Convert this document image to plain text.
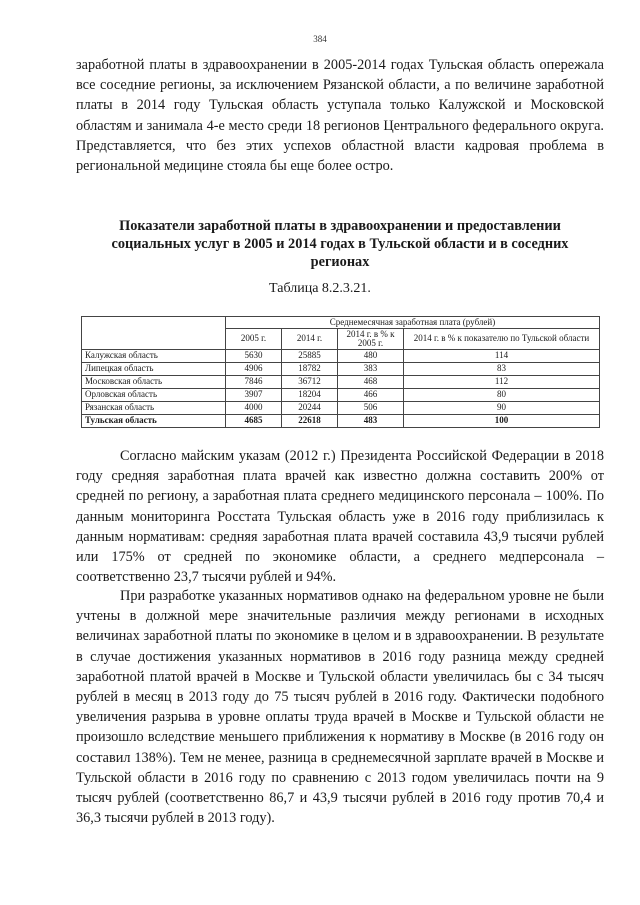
384

заработной платы в здравоохранении в 2005-2014 годах Тульская область опережала все соседние регионы, за исключением Рязанской области, а по величине заработной платы в 2014 году Тульская область уступала только Калужской и Московской областям и занимала 4-е место среди 18 регионов Центрального федерального округа. Представляется, что без этих успехов областной власти кадровая проблема в региональной медицине стояла бы еще более остро.

Показатели заработной платы в здравоохранении и предоставлении социальных услуг в 2005 и 2014 годах в Тульской области и в соседних регионах
Таблица 8.2.3.21.
	Среднемесячная заработная плата (рублей)			
	2005 г.	2014 г.	2014 г. в % к 2005 г.	2014 г. в % к показателю по Тульской области
Калужская область	5630	25885	480	114
Липецкая область	4906	18782	383	83
Московская область	7846	36712	468	112
Орловская область	3907	18204	466	80
Рязанская область	4000	20244	506	90
Тульская область	4685	22618	483	100

Согласно майским указам (2012 г.) Президента Российской Федерации в 2018 году средняя заработная плата врачей как известно должна составить 200% от средней по региону, а заработная плата среднего медицинского персонала – 100%. По данным мониторинга Росстата Тульская область уже в 2016 году приблизилась к данным нормативам: средняя заработная плата врачей составила 43,9 тысячи рублей или 175% от средней по экономике области, а среднего медперсонала – соответственно 23,7 тысячи рублей и 94%.

При разработке указанных нормативов однако на федеральном уровне не были учтены в должной мере значительные различия между регионами в исходных величинах заработной платы по экономике в целом и в здравоохранении. В результате в случае достижения указанных нормативов в 2016 году разница между средней заработной платой врачей в Москве и Тульской области увеличилась бы с 34 тысяч рублей в месяц в 2013 году до 75 тысяч рублей в 2016 году. Фактически подобного увеличения разрыва в уровне оплаты труда врачей в Москве и Тульской области не произошло вследствие меньшего приближения к нормативу в Москве (в 2016 году он составил 138%). Тем не менее, разница в среднемесячной зарплате врачей в Москве и Тульской области в 2016 году по сравнению с 2013 годом увеличилась почти на 9 тысяч рублей (соответственно 86,7 и 43,9 тысячи рублей в 2016 году против 70,4 и 36,3 тысячи рублей в 2013 году).
